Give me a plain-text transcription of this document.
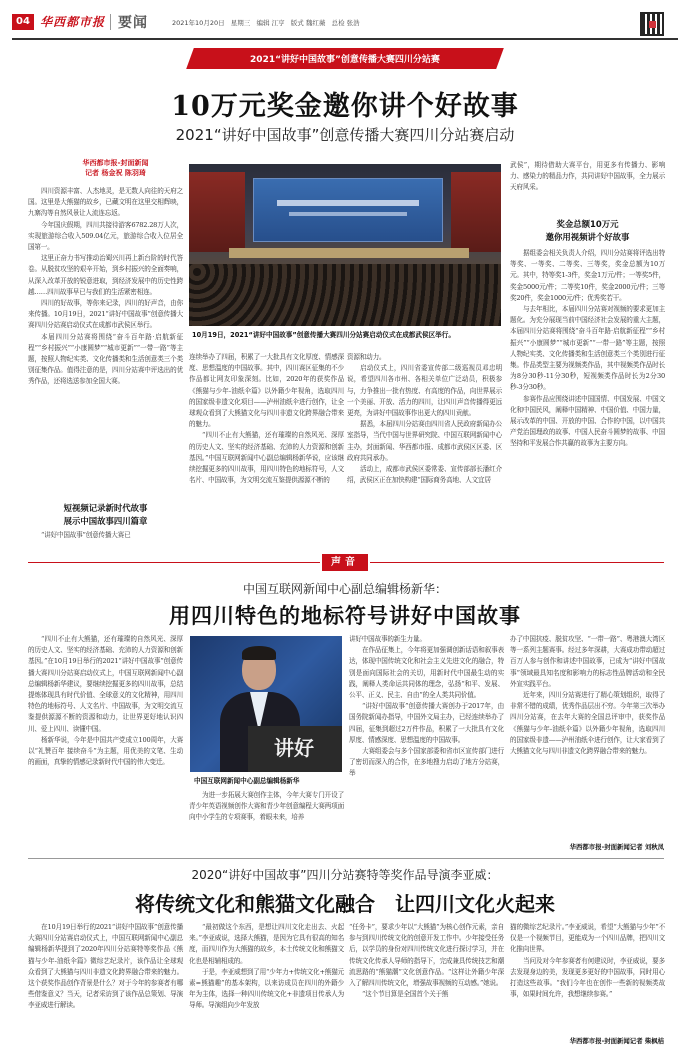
04 华西都市报 要闻	2021年10月20日 星期三 编辑 江亨 版式 魏红薇 总检 张浩
2021“讲好中国故事”创意传播大赛四川分站赛
10万元奖金邀你讲个好故事
2021“讲好中国故事”创意传播大赛四川分站赛启动
华西都市报-封面新闻
记者 杨金祝 陈羽琦

四川资源丰富、人杰地灵，是无数人向往的天府之国。这里是大熊猫的故乡，已藏文明在这里交相辉映，九寨沟等自然风景让人流连忘返。

今年国庆假期，四川共接待游客6782.28万人次，实现旅游综合收入509.04亿元，旅游综合收入位居全国第一。

这里正奋力书写推动治蜀兴川再上新台阶的时代答卷。从脱贫攻坚的艰辛开始，到乡村振兴的全面奏响，从深入改革开放的锐意进取，到经济发展中的历史性跨越……四川故事早已与我们的生活紧密相连。

四川的好故事，等你来记录，四川的好声音，由你来传播。10月19日，2021“讲好中国故事”创意传播大赛四川分站赛启动仪式在成都市武侯区举行。

本届四川分站赛将围绕“奋斗百年路·启航新征程”“乡村振兴”“小康圆梦”“城市更新”“一带一路”等主题，按照人物纪实类、文化传播类和生活创意类三个类别征集作品。值得注意的是，四川分站赛中评选出的优秀作品，还将选送参加全国大赛。

短视频记录新时代故事
展示中国故事四川篇章

“讲好中国故事”创意传播大赛已

10月19日，2021“讲好中国故事”创意传播大赛四川分站赛启动仪式在成都武侯区举行。

连续举办了四届，积累了一大批具有文化厚度、情感深度、思想温度的中国故事。其中，四川赛区征集的不少作品都让网友印象深刻。比如，2020年的获奖作品《熊猫与少年-油纸伞篇》以外籍少年视角，选取四川的国家级非遗文化项目——泸州油纸伞进行创作，让全球观众看到了大熊猫文化与四川非遗文化跨界融合带来的魅力。

“四川不止有大熊猫，还有璀璨的自然风光、深厚的历史人文、坚实的经济基础、充沛的人力资源和创新基因。”中国互联网新闻中心副总编辑杨新华说，应该继续挖掘更多的四川故事，用四川特色的地标符号，人文名片、中国故事，为文明交流互鉴提供源源不断的

资源和动力。

启动仪式上，四川省委宣传部二级巡视员邓忠明说，希望四川各市州、各相关单位广泛动员，积极参与，力争推出一批有热度、有高度的作品，向世界展示一个美丽、开放、活力的四川，让四川声音传播得更远更亮，为讲好中国故事作出更大的四川贡献。

据悉，本届四川分站赛由四川省人民政府新闻办公室指导，当代中国与世界研究院、中国互联网新闻中心主办，封面新闻、华西都市报、成都市武侯区区委、区政府共同承办。

活动上，成都市武侯区委常委、宣传部部长潘红介绍，武侯区正在加快构建“国际商务高地、人文宜居

武侯”，期待借助大赛平台，用更多有传播力、影响力、感染力的精品力作，共同讲好中国故事，全力展示天府风采。

奖金总额10万元
邀你用视频讲个好故事

据组委会相关负责人介绍，四川分站赛将评选出特等奖、一等奖、二等奖、三等奖，奖金总额为10万元。其中，特等奖1-3件，奖金1万元/件；一等奖5件，奖金5000元/件；二等奖10件，奖金2000元/件；三等奖20件，奖金1000元/件；优秀奖若干。

与去年相比，本届四川分站赛对视频的要求更加主题化。为充分展现当前中国经济社会发展的重大主题，本届四川分站赛将围绕“奋斗百年路·启航新征程”“乡村振兴”“小康圆梦”“城市更新”“一带一路”等主题，按照人物纪实类、文化传播类和生活创意类三个类别进行征集。作品类型主要为视频类作品，其中视频类作品时长为8分30秒-11分30秒，短视频类作品时长为2分30秒-3分30秒。

参赛作品应围绕讲述中国国情、中国发展、中国文化和中国民风，阐释中国精神、中国价值、中国力量，展示改革的中国、开放的中国、合作的中国，以中国共产党治国理政的故事、中国人民奋斗圆梦的故事、中国坚持和平发展合作共赢的故事为主要方向。

声音
中国互联网新闻中心副总编辑杨新华：
用四川特色的地标符号讲好中国故事

“四川不止有大熊猫，还有璀璨的自然风光、深厚的历史人文、坚实的经济基础、充沛的人力资源和创新基因。”在10月19日举行的2021“讲好中国故事”创意传播大赛四川分站赛启动仪式上，中国互联网新闻中心副总编辑杨新华建议，要继续挖掘更多的四川故事，总结提炼体现具有时代价值、全球意义的文化精神，用四川特色的地标符号、人文名片、中国故事，为文明交流互鉴提供源源不断的资源和动力，让世界更好地认识四川、爱上四川、读懂中国。

杨新华说，今年是中国共产党成立100周年，大赛以“礼赞百年 接续奋斗”为主题，用优美的文笔、生动的画面，真挚的情感记录新时代中国的伟大变迁。

讲好
中国互联网新闻中心副总编辑杨新华

为进一步拓展大赛创作主体，今年大赛专门开设了青少年英语视频创作大赛和青少年创意编程大赛两项面向中小学生的专项赛事，着眼未来，培养

讲好中国故事的新生力量。

在作品征集上，今年将更加强调创新话语和叙事表达，体现中国传统文化和社会主义先进文化的融合，特别是面向国际社会的关切，用新时代中国最生动的实践，阐释人类命运共同体的理念，弘扬“和平、发展、公平、正义、民主、自由”的全人类共同价值。

“讲好中国故事”创意传播大赛创办于2017年，由国务院新闻办指导，中国外文局主办，已经连续举办了四届，征集到超过2万件作品，积累了一大批具有文化厚度、情感深度、思想温度的中国故事。

大赛组委会与多个国家部委和省市区宣传部门进行了密切而深入的合作，在多地搜力启动了地方分站赛，举

办了中国抗疫、脱贫攻坚、“一带一路”、粤港澳大湾区等一系列主题赛事。经过多年深耕，大赛成功带动超过百万人参与创作和讲述中国故事，已成为“讲好中国故事”领域最具知名度和影响力的标志性品牌活动和全民外宣实践平台。

近年来，四川分站赛进行了精心策划组织，取得了非常不错的成绩，优秀作品层出不穷。今年第三次举办四川分站赛，在去年大赛的全国总评审中，获奖作品《熊猫与少年-油纸伞篇》以外籍少年视角，选取四川的国家级非遗——泸州油纸伞进行创作，让大家看到了大熊猫文化与四川非遗文化跨界融合带来的魅力。

华西都市报-封面新闻记者 刘秋凤
2020“讲好中国故事”四川分站赛特等奖作品导演李亚威：
将传统文化和熊猫文化融合　让四川文化火起来

在10月19日举行的2021“讲好中国故事”创意传播大赛四川分站赛启动仪式上，中国互联网新闻中心副总编辑杨新华提到了2020年四川分站赛特等奖作品《熊猫与少年-油纸伞篇》微综艺纪录片，该作品让全球观众看到了大熊猫与四川非遗文化跨界融合带来的魅力。这个获奖作品创作背景是什么？对于今年的参赛者有哪些借鉴意义？当天，记者采访到了该作品总策划、导演李亚威进行解读。

“最初做这个东西，是想让四川文化走出去、火起来。”李亚威说，选择大熊猫，是因为它具有很高的知名度，而四川作为大熊猫的故乡，本土传统文化和熊猫文化也是相辅相成的。

于是，李亚威想到了用“少年力+传统文化+熊猫元素=熊猫趣”的基本架构，以来访成员在四川的外籍少年为主体，选择一种四川传统文化+非遗项目传承人为导师。导演组向少年发放

“任务卡”，要求少年以“大熊猫”为核心创作元素，亲自参与到四川传统文化的创意开发工作中。少年接受任务后，以学员的身份对四川传统文化进行探讨学习，并在传统文化传承人导师的指导下，完成兼具传统技艺和潮流思路的“熊猫潮”文化创意作品。“这样让外籍少年深入了解四川传统文化，增强故事视频的互动感。”她说。

“这个节目算是全国首个关于熊

猫的微综艺纪录片。”李亚威说，希望“大熊猫与少年”不仅是一个视频节目，更能成为一个四川品牌，把四川文化推向世界。

当问及对今年参赛者有何建议时，李亚威说，要多去发现身边的美，发现更多更好的中国故事，同时用心打造这些故事。“我们今年也在创作一些新的视频类故事，如果时间允许，我想继续参赛。”

华西都市报-封面新闻记者 柴枫桔
